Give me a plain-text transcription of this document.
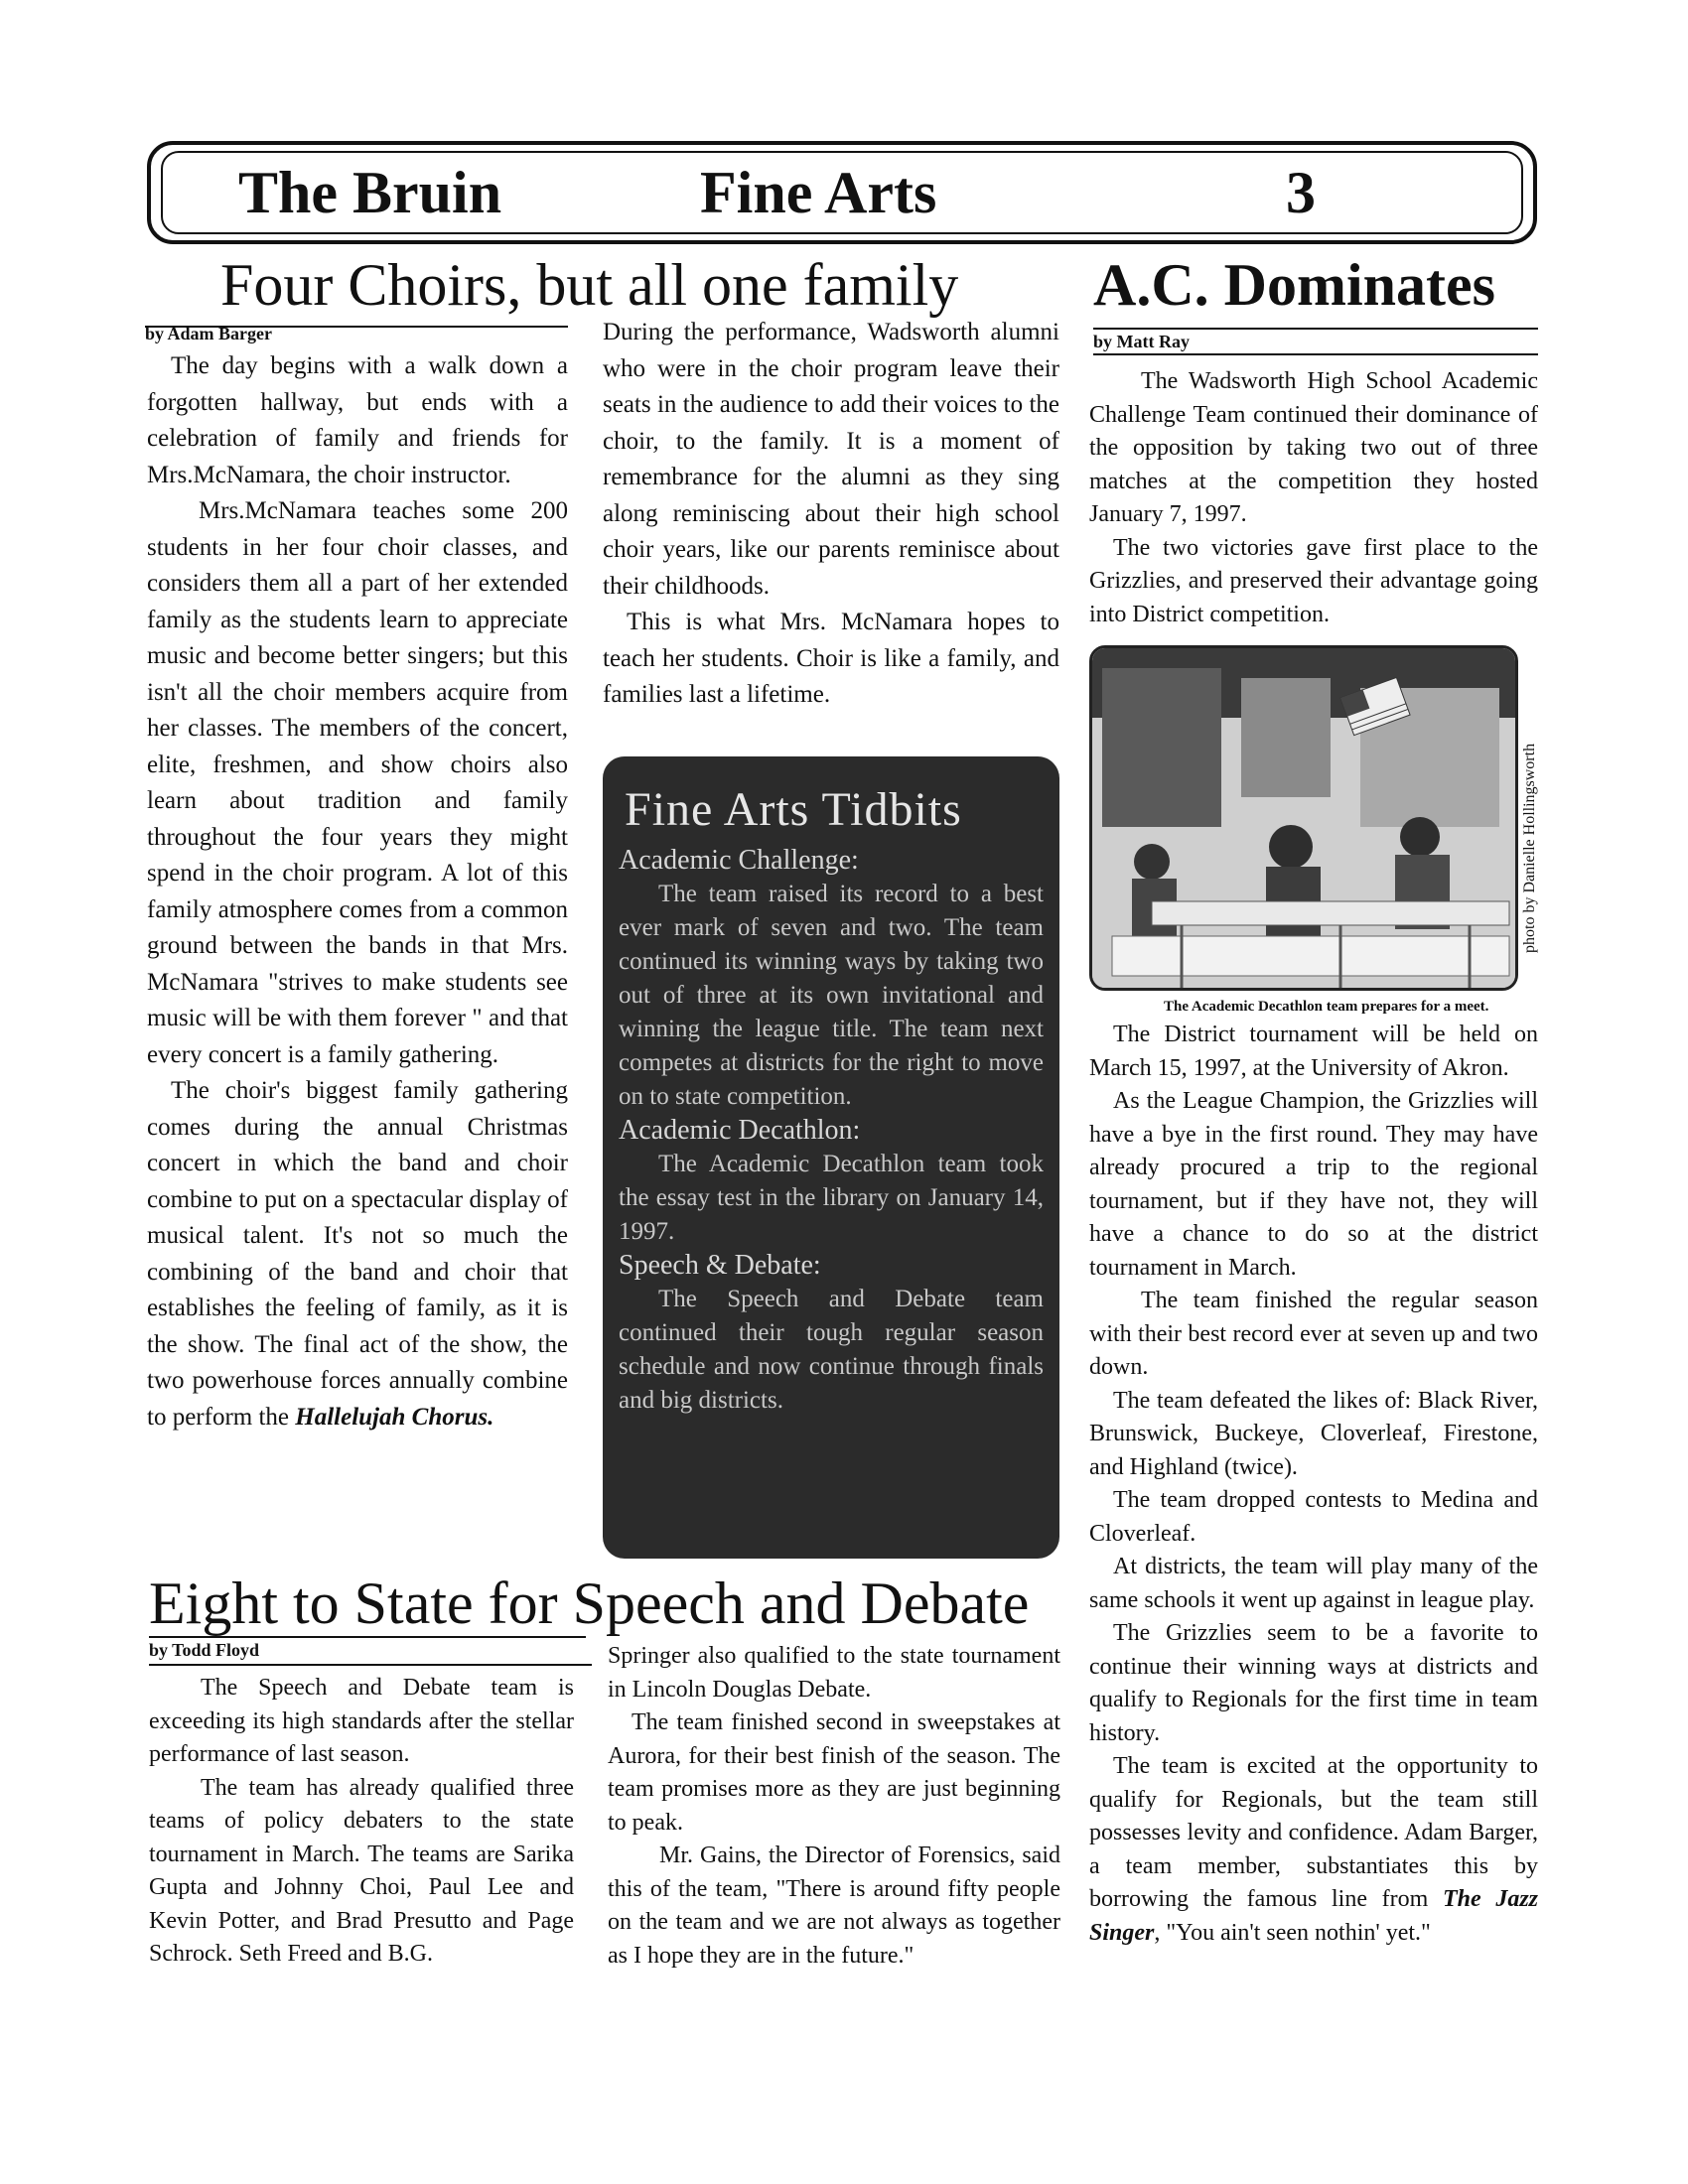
The Bruin	Fine Arts	3
Four Choirs, but all one family
by Adam Barger

The day begins with a walk down a forgotten hallway, but ends with a celebration of family and friends for Mrs.McNamara, the choir instructor.

Mrs.McNamara teaches some 200 students in her four choir classes, and considers them all a part of her extended family as the students learn to appreciate music and become better singers; but this isn't all the choir members acquire from her classes. The members of the concert, elite, freshmen, and show choirs also learn about tradition and family throughout the four years they might spend in the choir program. A lot of this family atmosphere comes from a common ground between the bands in that Mrs. McNamara "strives to make students see music will be with them forever " and that every concert is a family gathering.

The choir's biggest family gathering comes during the annual Christmas concert in which the band and choir combine to put on a spectacular display of musical talent. It's not so much the combining of the band and choir that establishes the feeling of family, as it is the show. The final act of the show, the two powerhouse forces annually combine to perform the Hallelujah Chorus.

During the performance, Wadsworth alumni who were in the choir program leave their seats in the audience to add their voices to the choir, to the family. It is a moment of remembrance for the alumni as they sing along reminiscing about their high school choir years, like our parents reminisce about their childhoods.

This is what Mrs. McNamara hopes to teach her students. Choir is like a family, and families last a lifetime.

Fine Arts Tidbits
Academic Challenge:
The team raised its record to a best ever mark of seven and two. The team continued its winning ways by taking two out of three at its own invitational and winning the league title. The team next competes at districts for the right to move on to state competition.
Academic Decathlon:
The Academic Decathlon team took the essay test in the library on January 14, 1997.
Speech & Debate:
The Speech and Debate team continued their tough regular season schedule and now continue through finals and big districts.
A.C. Dominates
by Matt Ray

The Wadsworth High School Academic Challenge Team continued their dominance of the opposition by taking two out of three matches at the competition they hosted January 7, 1997.

The two victories gave first place to the Grizzlies, and preserved their advantage going into District competition.

photo by Danielle Hollingsworth
The Academic Decathlon team prepares for a meet.

The District tournament will be held on March 15, 1997, at the University of Akron.

As the League Champion, the Grizzlies will have a bye in the first round. They may have already procured a trip to the regional tournament, but if they have not, they will have a chance to do so at the district tournament in March.

The team finished the regular season with their best record ever at seven up and two down.

The team defeated the likes of: Black River, Brunswick, Buckeye, Cloverleaf, Firestone, and Highland (twice).

The team dropped contests to Medina and Cloverleaf.

At districts, the team will play many of the same schools it went up against in league play.

The Grizzlies seem to be a favorite to continue their winning ways at districts and qualify to Regionals for the first time in team history.

The team is excited at the opportunity to qualify for Regionals, but the team still possesses levity and confidence. Adam Barger, a team member, substantiates this by borrowing the famous line from The Jazz Singer, "You ain't seen nothin' yet."

Eight to State for Speech and Debate
by Todd Floyd

The Speech and Debate team is exceeding its high standards after the stellar performance of last season.

The team has already qualified three teams of policy debaters to the state tournament in March. The teams are Sarika Gupta and Johnny Choi, Paul Lee and Kevin Potter, and Brad Presutto and Page Schrock. Seth Freed and B.G.

Springer also qualified to the state tournament in Lincoln Douglas Debate.

The team finished second in sweepstakes at Aurora, for their best finish of the season. The team promises more as they are just beginning to peak.

Mr. Gains, the Director of Forensics, said this of the team, "There is around fifty people on the team and we are not always as together as I hope they are in the future."
